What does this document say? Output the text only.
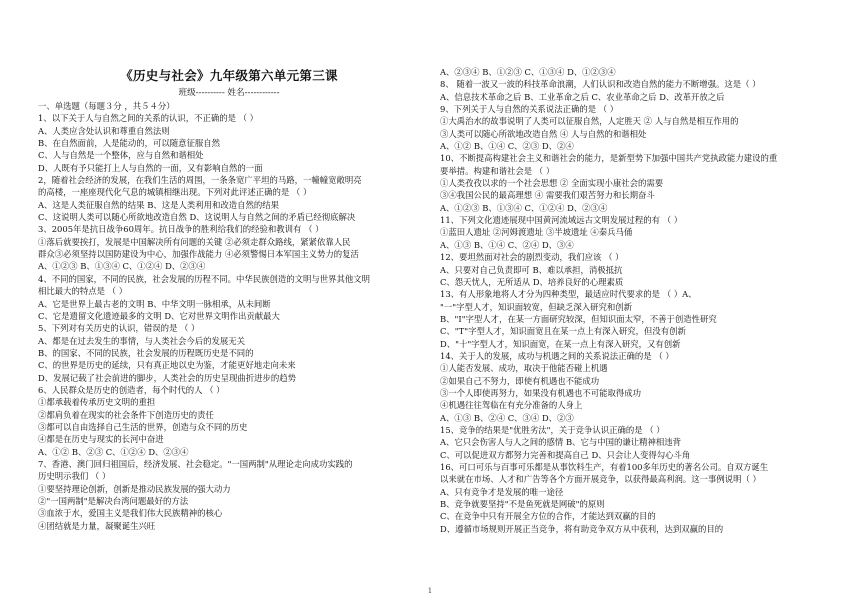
《历史与社会》九年级第六单元第三课
班级---------- 姓名------------
一、单选题（每题３分 ，共５４分）
1、以下关于人与自然之间的关系的认识，不正确的是 （ ）
A、人类应含处认识和尊重自然法则
B、在自然面前，人是能动的，可以随意征服自然
C、人与自然是一个整体，应与自然和谐相处
D、人既有予只能打上人与自然的一面，又有影响自然的一面
2，随着社会经济的发展，在我们生活的周围，一条条宽广平坦的马路，一幢幢宽敞明亮
的高楼，一座座现代化气息的城镇相继出现。下列对此评述正确的是 （ ）
A、这是人类征服自然的结果 B、这是人类利用和改造自然的结果
C、这说明人类可以随心所欲地改造自然 D、这说明人与自然之间的矛盾已经彻底解决
3、2005年是抗日战争60周年。抗日战争的胜利给我们的经验和教训有 （ ）
①落后就要挨打，发展是中国解决所有问题的关键 ②必须走群众路线，紧紧依靠人民
群众③必须坚持以国防建设为中心，加强作战能力 ④必须警惕日本军国主义势力的复活
A、①②③ B、①③④ C、①②④ D、②③④
4、不同的国家，不同的民族，社会发展的历程不同。中华民族创造的文明与世界其他文明
相比最大的特点是 （ ）
A、它是世界上最古老的文明 B、中华文明一脉相承，从未间断
C、它是遗留文化遗迹最多的文明 D、它对世界文明作出贡献最大
5、下列对有关历史的认识，错误的是 （ ）
A、都是在过去发生的事情，与人类社会今后的发展无关
B、的国家、不同的民族，社会发展的历程既历史是不同的
C、的世界是历史的延续，只有真正地以史为鉴，才能更好地走向未来
D、发展记载了社会前进的脚步，人类社会的历史呈现曲折进步的趋势
6、人民群众是历史的创造者，每个时代的人 （ ）
①都承载着传承历史文明的重担
②都肩负着在现实的社会条件下创造历史的责任
③都可以自由选择自己生活的世界，创造与众不同的历史
④都是在历史与现实的长河中奋进
A、①② B、②③ C、①②④ D、②③④
7、香港、澳门回归祖国后，经济发展、社会稳定。"一国两制"从理论走向成功实践的
历史明示我们 （ ）
①要坚持理论创新，创新是推动民族发展的强大动力
②"一国两制"是解决台湾问题最好的方法
③血浓于水，爱国主义是我们伟大民族精神的核心
④团结就是力量，凝聚诞生兴旺
A、②③④ B、①②③ C、①③④ D、①②③④
8、 随着一波又一波的科技革命浪潮，人们认识和改造自然的能力不断增强。这是（ ）
A、信息技术革命之后 B、工业革命之后 C、农业革命之后 D、改革开放之后
9、下列关于人与自然的关系说法正确的是 （ ）
①大禹治水的故事说明了人类可以征服自然，人定胜天 ② 人与自然是相互作用的
③人类可以随心所欲地改造自然 ④ 人与自然的和谐相处
A、①② B、①④ C、②③ D、②④
10、不断提高构建社会主义和谐社会的能力，是新型势下加强中国共产党执政能力建设的重
要举措。构建和谐社会是 （ ）
①人类孜孜以求的一个社会思想 ② 全面实现小康社会的需要
③④我国公民的最高理想 ④ 需要我们艰苦努力和长期奋斗
A、①②③ B、①③④ C、①②④ D、②③④
11、下列文化遗迹展现中国黄河流域远古文明发展过程的有 （ ）
①蓝田人遗址 ②河姆渡遗址 ③半坡遗址 ④秦兵马俑
A、①③ B、①④ C、②④ D、③④
12、要坦然面对社会的剧烈变动，我们应该 （ ）
A、只要对自己负责即可 B、难以承担，消极抵抗
C、怨天忧人，无所适从 D、培养良好的心理素质
13、有人形象地将人才分为四种类型，最适应时代要求的是 （ ）A、
"一"字型人才，知识面较宽，但缺乏深入研究和创新
B、"I"字型人才，在某一方面研究较深，但知识面太窄，不善于创造性研究
C、"T"字型人才，知识面宽且在某一点上有深入研究，但没有创新
D、"十"字型人才，知识面宽，在某一点上有深入研究，又有创新
14、关于人的发展，成功与机遇之间的关系说法正确的是 （ ）
①人能否发展、成功，取决于他能否碰上机遇
②如果自己不努力，即使有机遇也不能成功
③一个人即使再努力，如果没有机遇也不可能取得成功
④机遇往往驾临在有充分准备的人身上
A、①③ B、②④ C、③④ D、②③
15、竞争的结果是"优胜劣汰"，关于竞争认识正确的是 （ ）
A、它只会伤害人与人之间的感情 B、它与中国的谦让精神相违背
C、可以促进双方都努力完善和提高自己 D、只会让人变得勾心斗角
16、可口可乐与百事可乐都是从事饮料生产，有着100多年历史的著名公司。自双方诞生
以来就在市场、人才和广告等各个方面开展竞争，以获得最高利润。这一事例说明（ ）
A、只有竞争才是发展的唯一途径
B、竞争就要坚持"不是鱼死就是网破"的原则
C、在竞争中只有开展全方位的合作，才能达到双赢的目的
D、遵循市场规则开展正当竞争，将有助竞争双方从中获利，达到双赢的目的
1
